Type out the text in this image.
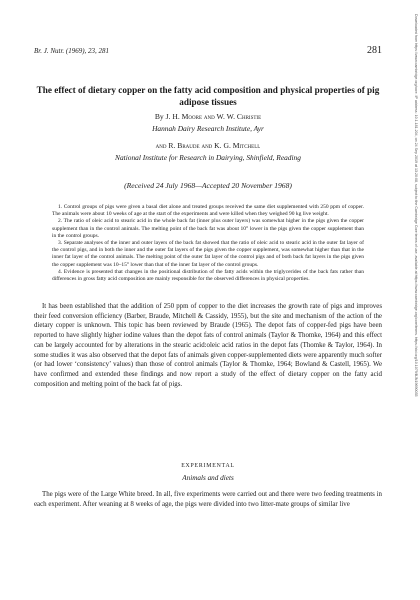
Downloaded from https://www.cambridge.org/core. IP address: 10.1.181.204, on 24 Sep 2019 at 13:20:08, subject to the Cambridge Core terms of use, available at https://www.cambridge.org/core/terms. https://doi.org/10.1079/BJN19690035
Br. J. Nutr. (1969), 23, 281	281
The effect of dietary copper on the fatty acid composition and physical properties of pig adipose tissues

By J. H. Moore and W. W. Christie

Hannah Dairy Research Institute, Ayr

and R. Braude and K. G. Mitchell

National Institute for Research in Dairying, Shinfield, Reading

(Received 24 July 1968—Accepted 20 November 1968)

1. Control groups of pigs were given a basal diet alone and treated groups received the same diet supplemented with 250 ppm of copper. The animals were about 10 weeks of age at the start of the experiments and were killed when they weighed 90 kg live weight.

2. The ratio of oleic acid to stearic acid in the whole back fat (inner plus outer layers) was somewhat higher in the pigs given the copper supplement than in the control animals. The melting point of the back fat was about 10° lower in the pigs given the copper supplement than in the control groups.

3. Separate analyses of the inner and outer layers of the back fat showed that the ratio of oleic acid to stearic acid in the outer fat layer of the control pigs, and in both the inner and the outer fat layers of the pigs given the copper supplement, was somewhat higher than that in the inner fat layer of the control animals. The melting point of the outer fat layer of the control pigs and of both back fat layers in the pigs given the copper supplement was 10–15° lower than that of the inner fat layer of the control groups.

4. Evidence is presented that changes in the positional distribution of the fatty acids within the triglycerides of the back fats rather than differences in gross fatty acid composition are mainly responsible for the observed differences in physical properties.

It has been established that the addition of 250 ppm of copper to the diet increases the growth rate of pigs and improves their feed conversion efficiency (Barber, Braude, Mitchell & Cassidy, 1955), but the site and mechanism of the action of the dietary copper is unknown. This topic has been reviewed by Braude (1965). The depot fats of copper-fed pigs have been reported to have slightly higher iodine values than the depot fats of control animals (Taylor & Thomke, 1964) and this effect can be largely accounted for by alterations in the stearic acid:oleic acid ratios in the depot fats (Thomke & Taylor, 1964). In some studies it was also observed that the depot fats of animals given copper-supplemented diets were apparently much softer (or had lower ‘consistency’ values) than those of control animals (Taylor & Thomke, 1964; Bowland & Castell, 1965). We have confirmed and extended these findings and now report a study of the effect of dietary copper on the fatty acid composition and melting point of the back fat of pigs.

EXPERIMENTAL

Animals and diets

The pigs were of the Large White breed. In all, five experiments were carried out and there were two feeding treatments in each experiment. After weaning at 8 weeks of age, the pigs were divided into two litter-mate groups of similar live
